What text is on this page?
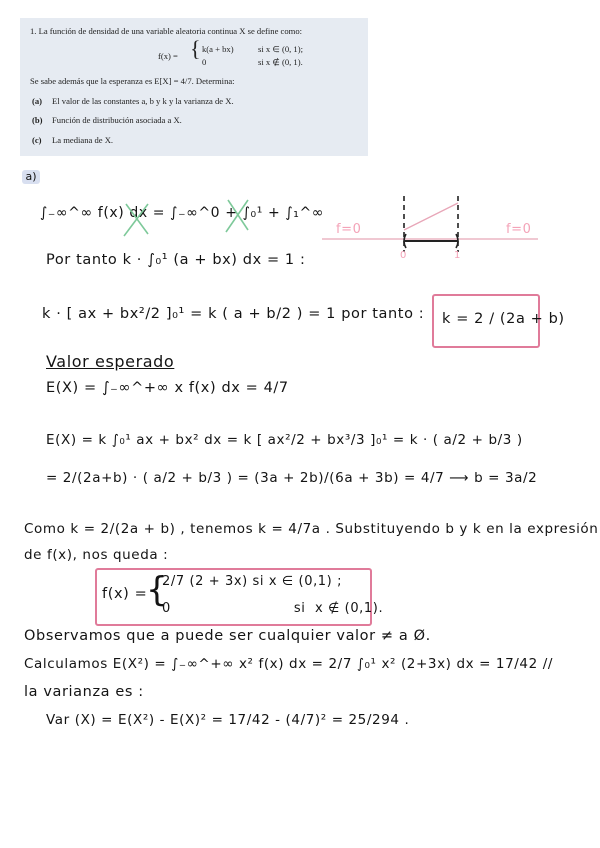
1. La función de densidad de una variable aleatoria continua X se define como:
f(x) = { k(a + bx)	si x ∈ (0, 1);
0	si x ∉ (0, 1).
Se sabe además que la esperanza es E[X] = 4/7. Determina:
(a) El valor de las constantes a, b y k y la varianza de X.
(b) Función de distribución asociada a X.
(c) La mediana de X.
a)
∫₋∞^∞ f(x) dx = ∫₋∞^0 + ∫₀¹ + ∫₁^∞
f=0	f=0
0	1
Por tanto k · ∫₀¹ (a + bx) dx = 1 :
k · [ ax + bx²/2 ]₀¹ = k ( a + b/2 ) = 1 por tanto : k = 2 / (2a + b)
Valor esperado
E(X) = ∫₋∞^+∞ x f(x) dx = 4/7
E(X) = k ∫₀¹ ax + bx² dx = k [ ax²/2 + bx³/3 ]₀¹ = k · ( a/2 + b/3 )
= 2/(2a+b) · ( a/2 + b/3 ) = (3a + 2b)/(6a + 3b) = 4/7 ⟶ b = 3a/2
Como k = 2/(2a + b) , tenemos k = 4/7a . Substituyendo b y k en la expresión
de f(x), nos queda :
f(x) =
{
2/7 (2 + 3x) si x ∈ (0,1) ;
0                          si  x ∉ (0,1).
Observamos que a puede ser cualquier valor ≠ a Ø.
Calculamos E(X²) = ∫₋∞^+∞ x² f(x) dx = 2/7 ∫₀¹ x² (2+3x) dx = 17/42 //
la varianza es :
Var (X) = E(X²) - E(X)² = 17/42 - (4/7)² = 25/294 .
